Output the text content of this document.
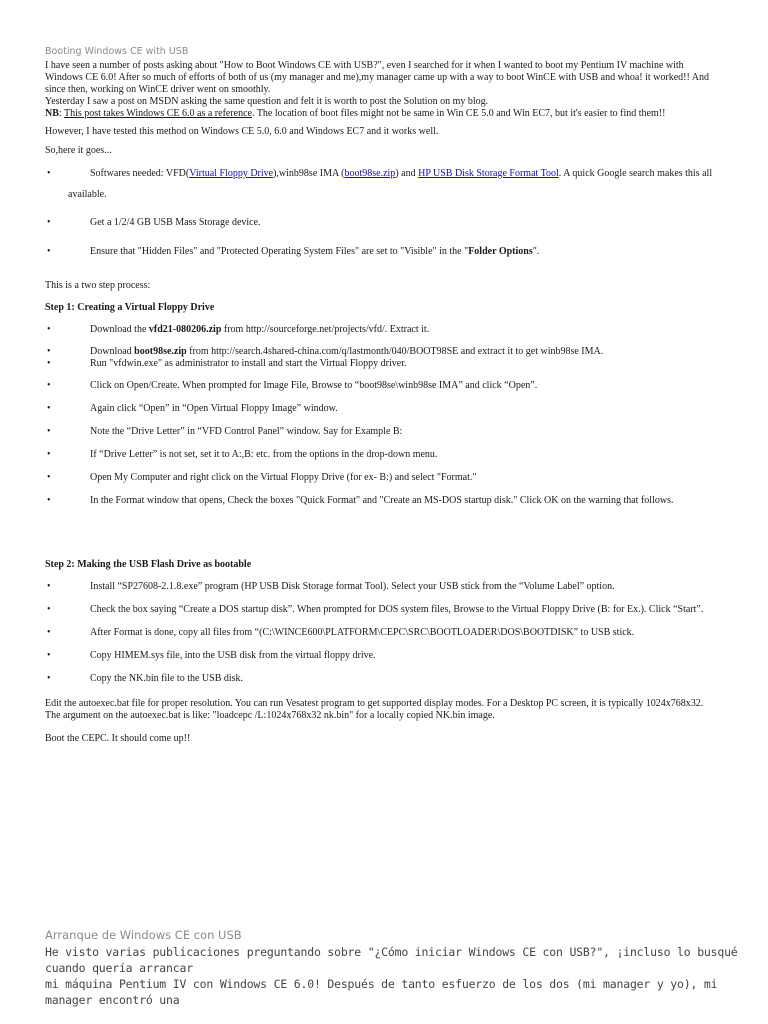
Booting Windows CE with USB

I have seen a number of posts asking about "How to Boot Windows CE with USB?", even I searched for it when I wanted to boot my Pentium IV machine with

Windows CE 6.0! After so much of efforts of both of us (my manager and me),my manager came up with a way to boot WinCE with USB and whoa! it worked!! And

since then, working on WinCE driver went on smoothly.

Yesterday I saw a post on MSDN asking the same question and felt it is worth to post the Solution on my blog.

NB: This post takes Windows CE 6.0 as a reference. The location of boot files might not be same in Win CE 5.0 and Win EC7, but it's easier to find them!!

However, I have tested this method on Windows CE 5.0, 6.0 and Windows EC7 and it works well.

So,here it goes...

•	Softwares needed: VFD(Virtual Floppy Drive),winb98se IMA (boot98se.zip) and HP USB Disk Storage Format Tool. A quick Google search makes this all
available.
•	Get a 1/2/4 GB USB Mass Storage device.
•	Ensure that "Hidden Files" and "Protected Operating System Files" are set to "Visible" in the "Folder Options".

This is a two step process:

Step 1: Creating a Virtual Floppy Drive

•	Download the vfd21-080206.zip from http://sourceforge.net/projects/vfd/. Extract it.
•	Download boot98se.zip from http://search.4shared-china.com/q/lastmonth/040/BOOT98SE and extract it to get winb98se IMA.
•	Run "vfdwin.exe" as administrator to install and start the Virtual Floppy driver.
•	Click on Open/Create. When prompted for Image File, Browse to “boot98se\winb98se IMA” and click “Open”.
•	Again click “Open” in “Open Virtual Floppy Image” window.
•	Note the “Drive Letter” in “VFD Control Panel” window. Say for Example B:
•	If “Drive Letter” is not set, set it to A:,B: etc. from the options in the drop-down menu.
•	Open My Computer and right click on the Virtual Floppy Drive (for ex- B:) and select "Format."
•	In the Format window that opens, Check the boxes "Quick Format" and "Create an MS-DOS startup disk." Click OK on the warning that follows.

Step 2: Making the USB Flash Drive as bootable

•	Install “SP27608-2.1.8.exe” program (HP USB Disk Storage format Tool). Select your USB stick from the “Volume Label” option.
•	Check the box saying “Create a DOS startup disk”. When prompted for DOS system files, Browse to the Virtual Floppy Drive (B: for Ex.). Click “Start”.
•	After Format is done, copy all files from “(C:\WINCE600\PLATFORM\CEPC\SRC\BOOTLOADER\DOS\BOOTDISK” to USB stick.
•	Copy HIMEM.sys file, into the USB disk from the virtual floppy drive.
•	Copy the NK.bin file to the USB disk.

Edit the autoexec.bat file for proper resolution. You can run Vesatest program to get supported display modes. For a Desktop PC screen, it is typically 1024x768x32.

The argument on the autoexec.bat is like: "loadcepc /L:1024x768x32 nk.bin" for a locally copied NK.bin image.

Boot the CEPC. It should come up!!

Arranque de Windows CE con USB
He visto varias publicaciones preguntando sobre "¿Cómo iniciar Windows CE con USB?", ¡incluso lo busqué cuando quería arrancar
mi máquina Pentium IV con Windows CE 6.0! Después de tanto esfuerzo de los dos (mi manager y yo), mi manager encontró una
